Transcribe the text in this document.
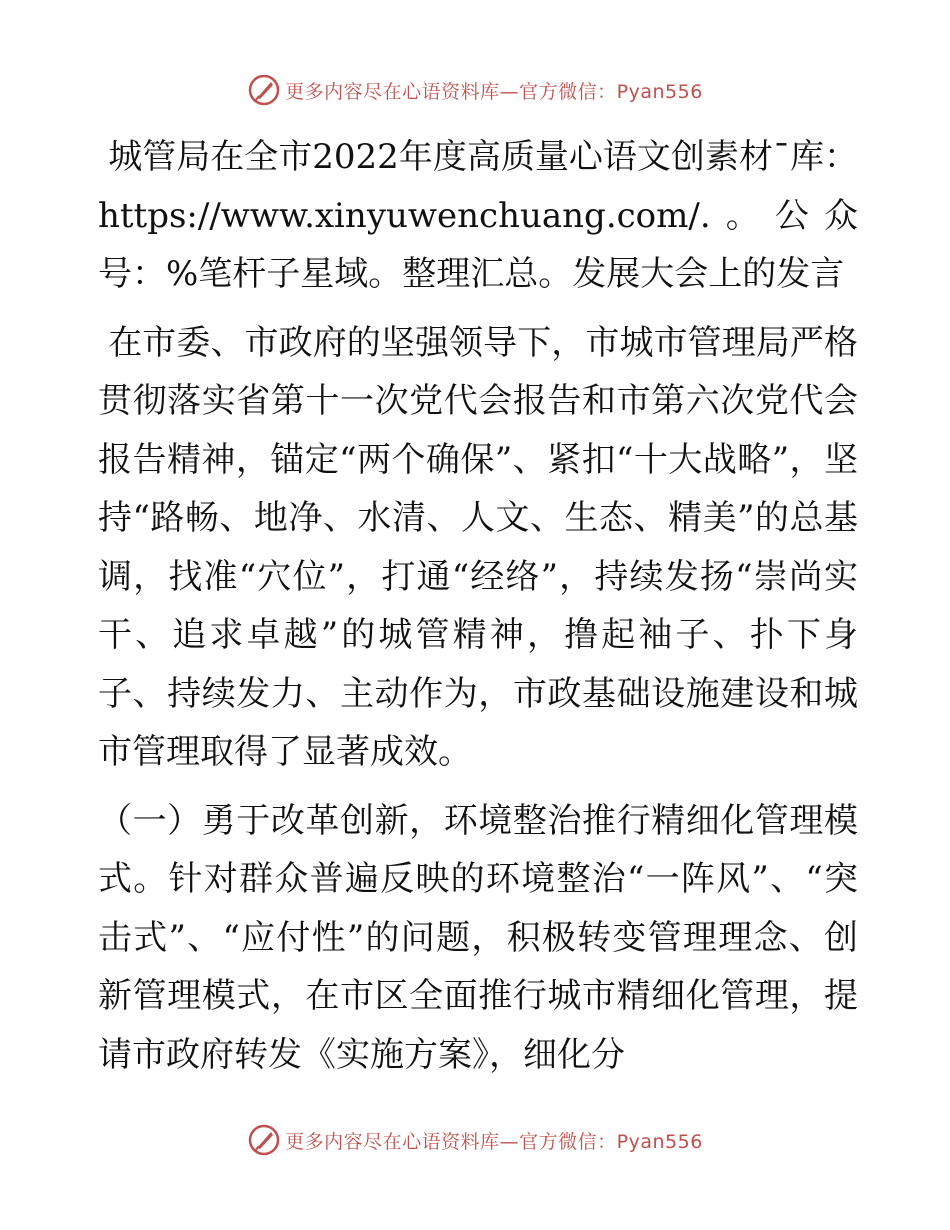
更多内容尽在心语资料库—官方微信：Pyan556

城管局在全市2022年度高质量心语文创素材¯库：https://www.xinyuwenchuang.com/.。公众号：%笔杆子星域。整理汇总。发展大会上的发言

在市委、市政府的坚强领导下，市城市管理局严格贯彻落实省第十一次党代会报告和市第六次党代会报告精神，锚定“两个确保”、紧扣“十大战略”，坚持“路畅、地净、水清、人文、生态、精美”的总基调，找准“穴位”，打通“经络”，持续发扬“崇尚实干、追求卓越”的城管精神，撸起袖子、扑下身子、持续发力、主动作为，市政基础设施建设和城市管理取得了显著成效。

（一）勇于改革创新，环境整治推行精细化管理模式。针对群众普遍反映的环境整治“一阵风”、“突击式”、“应付性”的问题，积极转变管理理念、创新管理模式，在市区全面推行城市精细化管理，提请市政府转发《实施方案》，细化分

更多内容尽在心语资料库—官方微信：Pyan556
